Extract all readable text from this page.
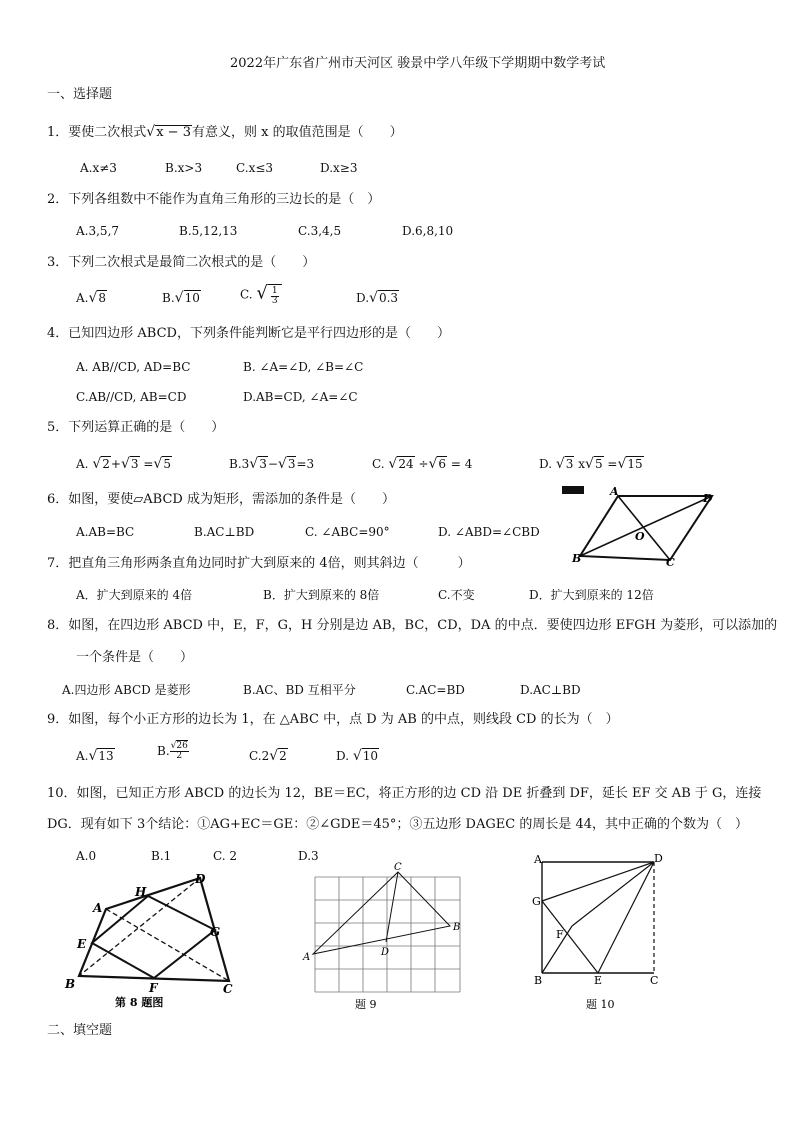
2022年广东省广州市天河区 骏景中学八年级下学期期中数学考试
一、选择题
1．要使二次根式√x − 3有意义，则 x 的取值范围是（　　）
A.x≠3	B.x>3	C.x≤3	D.x≥3
2．下列各组数中不能作为直角三角形的三边长的是（　）
A.3,5,7	B.5,12,13	C.3,4,5	D.6,8,10
3．下列二次根式是最简二次根式的是（　　）
A.√8	B.√10	C. √ $\frac{1}{3}$	D.√0.3
4．已知四边形 ABCD，下列条件能判断它是平行四边形的是（　　）
A. AB//CD, AD=BC	B. ∠A=∠D, ∠B=∠C
C.AB//CD, AB=CD	D.AB=CD, ∠A=∠C
5．下列运算正确的是（　　）
A. √2+√3 =√5	B.3√3−√3=3	C. √24 ÷√6 = 4	D. √3 x√5 =√15
6．如图，要使▱ABCD 成为矩形，需添加的条件是（　　）
A.AB=BC	B.AC⊥BD	C. ∠ABC=90°	D. ∠ABD=∠CBD
A
D
O
B	C
7．把直角三角形两条直角边同时扩大到原来的 4倍，则其斜边（　　　）
A．扩大到原来的 4倍	B．扩大到原来的 8倍	C.不变	D．扩大到原来的 12倍
8．如图，在四边形 ABCD 中，E，F，G，H 分别是边 AB，BC，CD，DA 的中点．要使四边形 EFGH 为菱形，可以添加的
一个条件是（　　）
A.四边形 ABCD 是菱形	B.AC、BD 互相平分	C.AC=BD	D.AC⊥BD
9．如图，每个小正方形的边长为 1，在 △ABC 中，点 D 为 AB 的中点，则线段 CD 的长为（　）
A.√13	B. $\frac{√26}{2}$	C.2√2	D. √10
10．如图，已知正方形 ABCD 的边长为 12，BE＝EC，将正方形的边 CD 沿 DE 折叠到 DF，延长 EF 交 AB 于 G，连接
DG．现有如下 3个结论：①AG+EC＝GE：②∠GDE＝45°；③五边形 DAGEC 的周长是 44，其中正确的个数为（　）
A.0	B.1	C. 2	D.3
A
H
D
E
G
B	F	C
第 8 题图
C
B
A	D
题 9
A	D
G
F
B	E	C
题 10
二、填空题
